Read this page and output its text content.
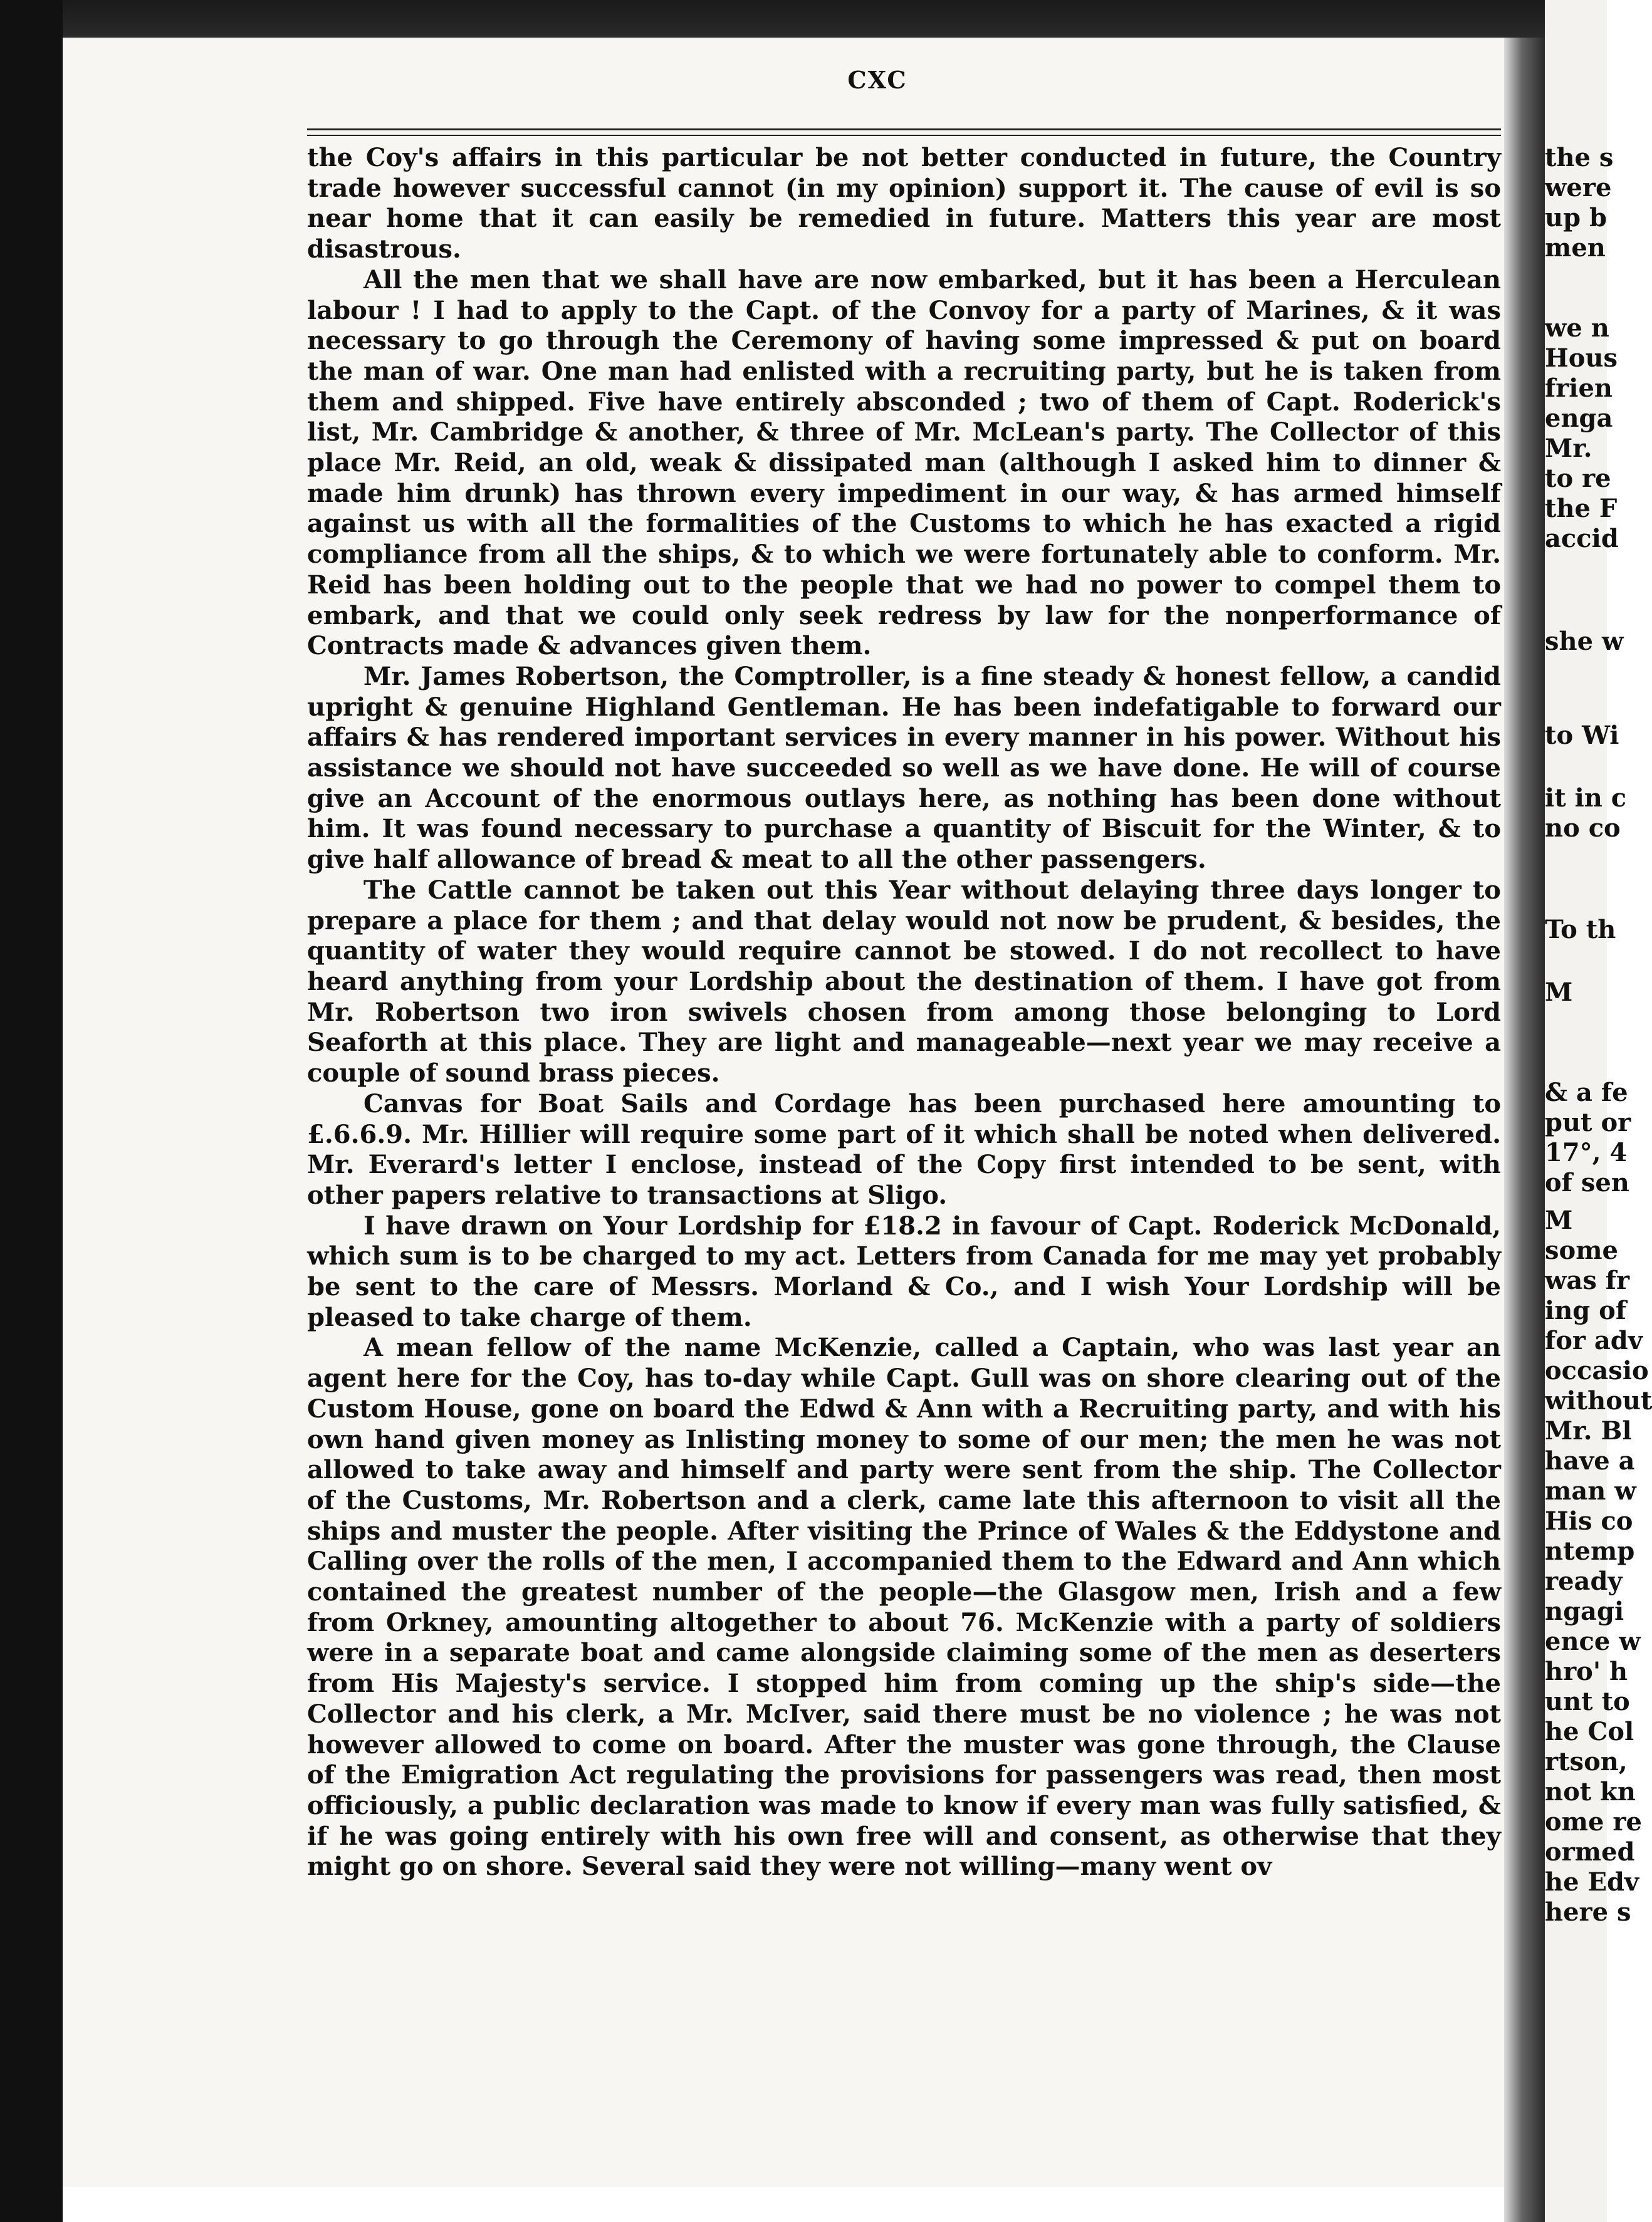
CXC

the Coy's affairs in this particular be not better conducted in future, the Country trade however successful cannot (in my opinion) support it. The cause of evil is so near home that it can easily be remedied in future. Matters this year are most disastrous.

All the men that we shall have are now embarked, but it has been a Herculean labour ! I had to apply to the Capt. of the Convoy for a party of Marines, & it was necessary to go through the Ceremony of having some impressed & put on board the man of war. One man had enlisted with a recruiting party, but he is taken from them and shipped. Five have entirely absconded ; two of them of Capt. Roderick's list, Mr. Cambridge & another, & three of Mr. McLean's party. The Collector of this place Mr. Reid, an old, weak & dissipated man (although I asked him to dinner & made him drunk) has thrown every impediment in our way, & has armed himself against us with all the formalities of the Customs to which he has exacted a rigid compliance from all the ships, & to which we were fortunately able to conform. Mr. Reid has been holding out to the people that we had no power to compel them to embark, and that we could only seek redress by law for the nonperformance of Contracts made & advances given them.

Mr. James Robertson, the Comptroller, is a fine steady & honest fellow, a candid upright & genuine Highland Gentleman. He has been indefatigable to forward our affairs & has rendered important services in every manner in his power. Without his assistance we should not have succeeded so well as we have done. He will of course give an Account of the enormous outlays here, as nothing has been done without him. It was found necessary to purchase a quantity of Biscuit for the Winter, & to give half allowance of bread & meat to all the other passengers.

The Cattle cannot be taken out this Year without delaying three days longer to prepare a place for them ; and that delay would not now be prudent, & besides, the quantity of water they would require cannot be stowed. I do not recollect to have heard anything from your Lordship about the destination of them. I have got from Mr. Robertson two iron swivels chosen from among those belonging to Lord Seaforth at this place. They are light and manageable—next year we may receive a couple of sound brass pieces.

Canvas for Boat Sails and Cordage has been purchased here amounting to £.6.6.9. Mr. Hillier will require some part of it which shall be noted when delivered. Mr. Everard's letter I enclose, instead of the Copy first intended to be sent, with other papers relative to transactions at Sligo.

I have drawn on Your Lordship for £18.2 in favour of Capt. Roderick McDonald, which sum is to be charged to my act. Letters from Canada for me may yet probably be sent to the care of Messrs. Morland & Co., and I wish Your Lordship will be pleased to take charge of them.

A mean fellow of the name McKenzie, called a Captain, who was last year an agent here for the Coy, has to-day while Capt. Gull was on shore clearing out of the Custom House, gone on board the Edwd & Ann with a Recruiting party, and with his own hand given money as Inlisting money to some of our men; the men he was not allowed to take away and himself and party were sent from the ship. The Collector of the Customs, Mr. Robertson and a clerk, came late this afternoon to visit all the ships and muster the people. After visiting the Prince of Wales & the Eddystone and Calling over the rolls of the men, I accompanied them to the Edward and Ann which contained the greatest number of the people—the Glasgow men, Irish and a few from Orkney, amounting altogether to about 76. McKenzie with a party of soldiers were in a separate boat and came alongside claiming some of the men as deserters from His Majesty's service. I stopped him from coming up the ship's side—the Collector and his clerk, a Mr. McIver, said there must be no violence ; he was not however allowed to come on board. After the muster was gone through, the Clause of the Emigration Act regulating the provisions for passengers was read, then most officiously, a public declaration was made to know if every man was fully satisfied, & if he was going entirely with his own free will and consent, as otherwise that they might go on shore. Several said they were not willing—many went ov

the s
were
up b
men
we n
Hous
frien
enga
Mr.
to re
the F
accid
she w
to Wi
it in c
no co
To th
M
& a fe
put or
17°, 4
of sen
M
some
was fr
ing of
for adv
occasio
without
Mr. Bl
have a
man w
His co
ntemp
ready
ngagi
ence w
hro' h
unt to
he Col
rtson,
not kn
ome re
ormed
he Edv
here s
